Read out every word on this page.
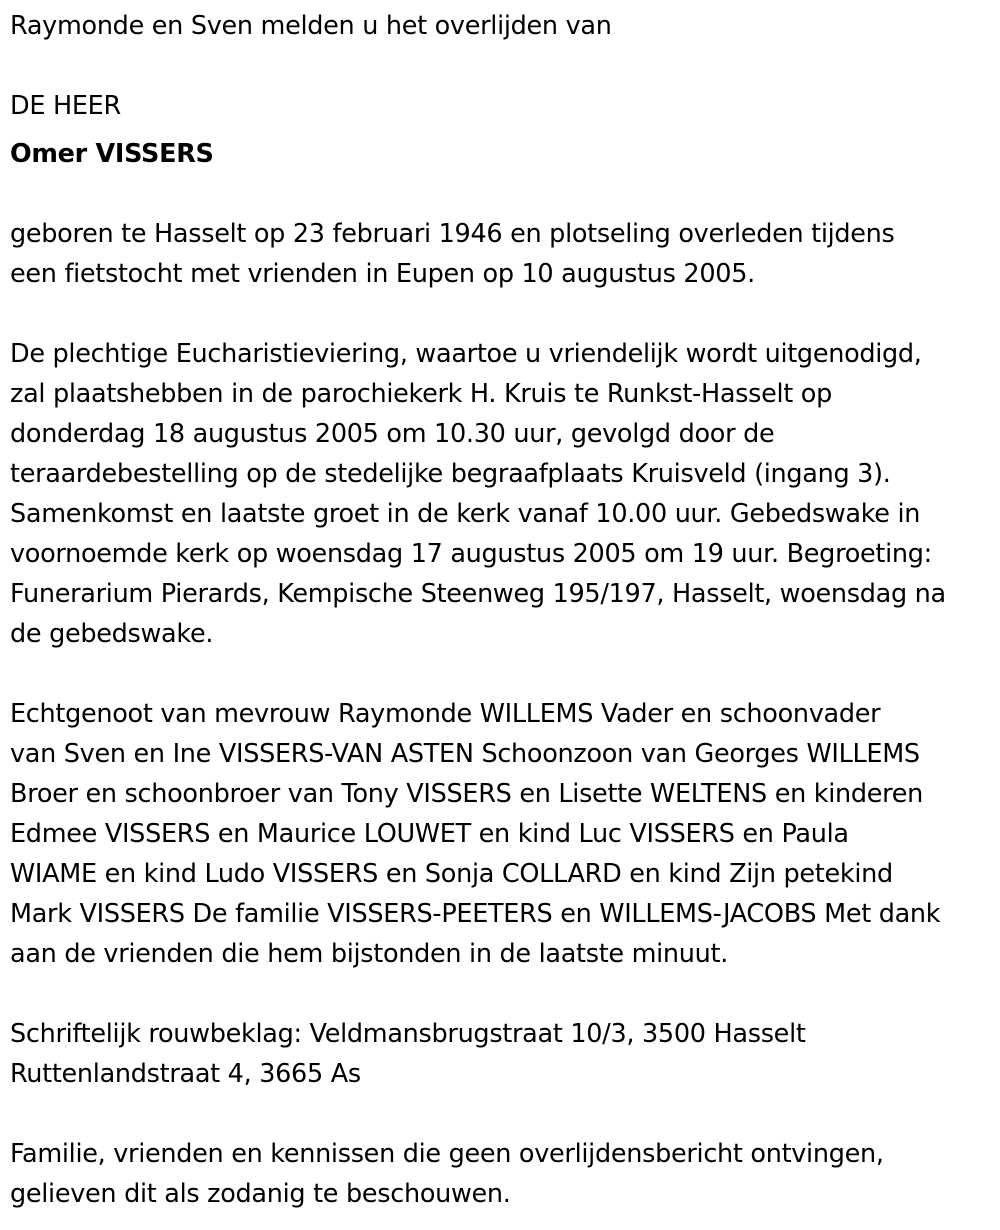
Raymonde en Sven melden u het overlijden van
DE HEER
Omer VISSERS
geboren te Hasselt op 23 februari 1946 en plotseling overleden tijdens
een fietstocht met vrienden in Eupen op 10 augustus 2005.
De plechtige Eucharistieviering, waartoe u vriendelijk wordt uitgenodigd,
zal plaatshebben in de parochiekerk H. Kruis te Runkst-Hasselt op
donderdag 18 augustus 2005 om 10.30 uur, gevolgd door de
teraardebestelling op de stedelijke begraafplaats Kruisveld (ingang 3).
Samenkomst en laatste groet in de kerk vanaf 10.00 uur. Gebedswake in
voornoemde kerk op woensdag 17 augustus 2005 om 19 uur. Begroeting:
Funerarium Pierards, Kempische Steenweg 195/197, Hasselt, woensdag na
de gebedswake.
Echtgenoot van mevrouw Raymonde WILLEMS Vader en schoonvader
van Sven en Ine VISSERS-VAN ASTEN Schoonzoon van Georges WILLEMS
Broer en schoonbroer van Tony VISSERS en Lisette WELTENS en kinderen
Edmee VISSERS en Maurice LOUWET en kind Luc VISSERS en Paula
WIAME en kind Ludo VISSERS en Sonja COLLARD en kind Zijn petekind
Mark VISSERS De familie VISSERS-PEETERS en WILLEMS-JACOBS Met dank
aan de vrienden die hem bijstonden in de laatste minuut.
Schriftelijk rouwbeklag: Veldmansbrugstraat 10/3, 3500 Hasselt
Ruttenlandstraat 4, 3665 As
Familie, vrienden en kennissen die geen overlijdensbericht ontvingen,
gelieven dit als zodanig te beschouwen.
